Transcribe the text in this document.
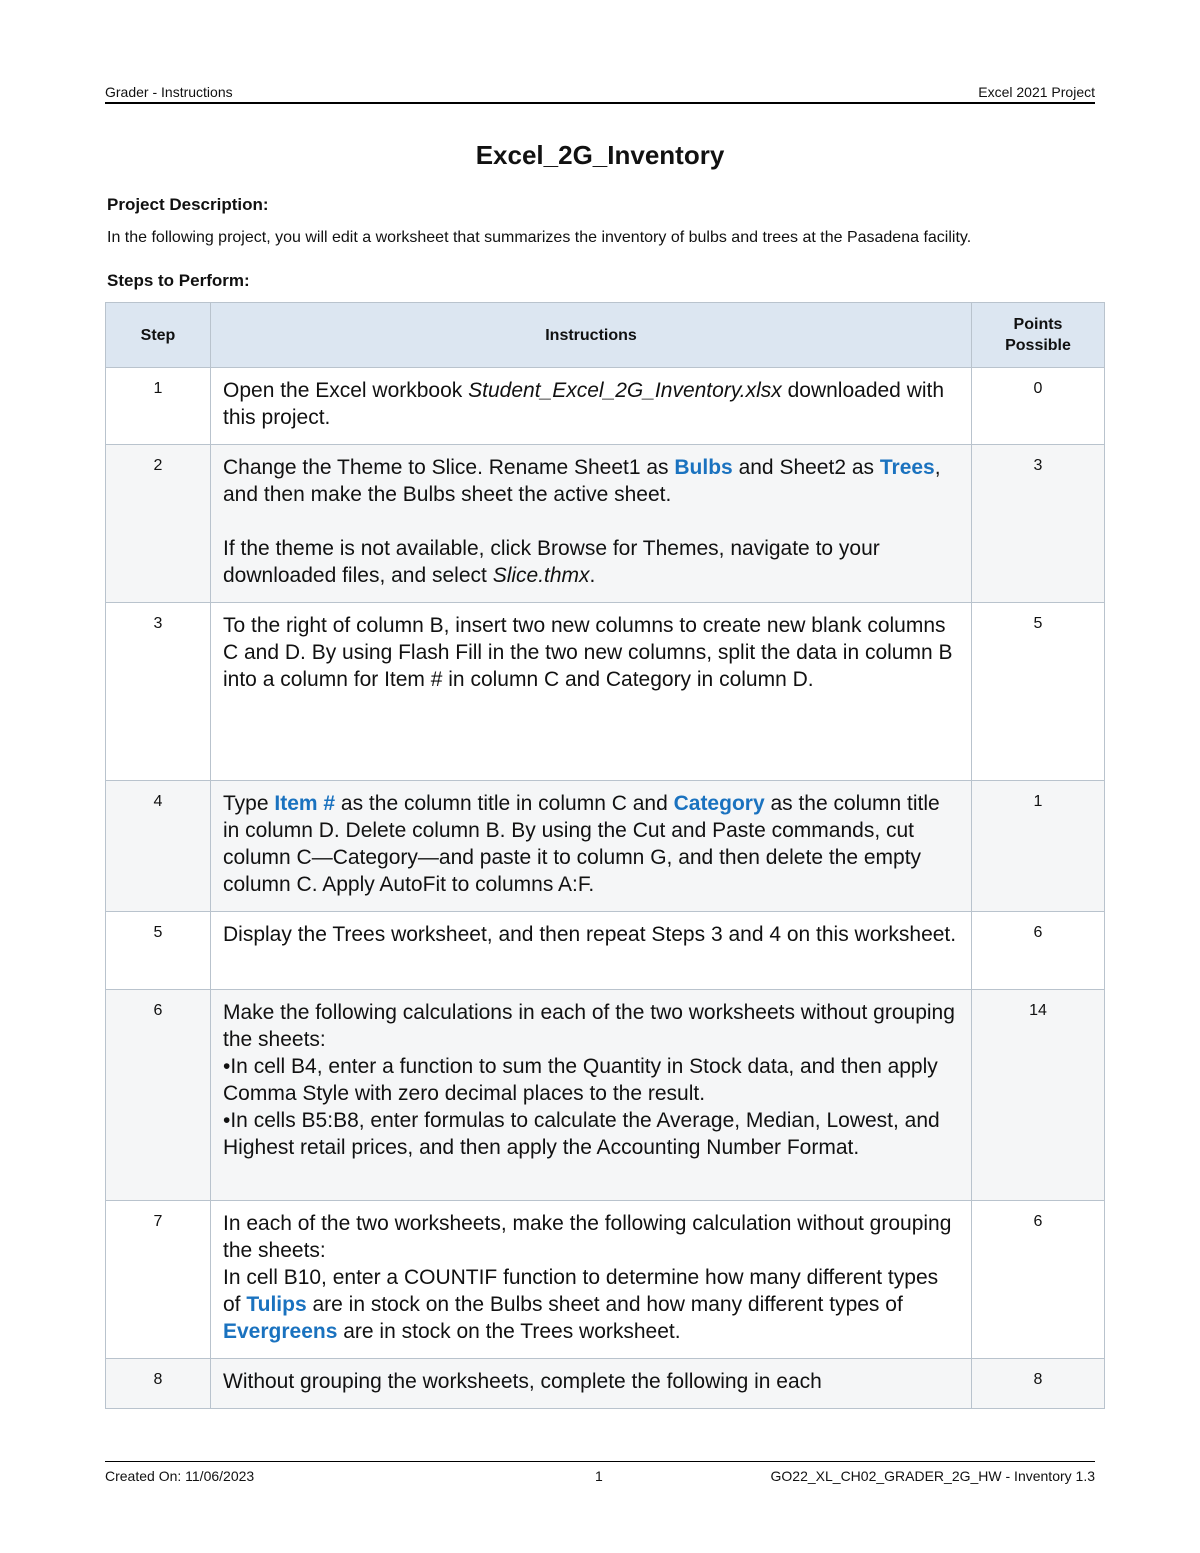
Grader - Instructions	Excel 2021 Project
Excel_2G_Inventory
Project Description:
In the following project, you will edit a worksheet that summarizes the inventory of bulbs and trees at the Pasadena facility.
Steps to Perform:
Step	Instructions	Points
Possible
1	Open the Excel workbook Student_Excel_2G_Inventory.xlsx downloaded with this project.	0
2	Change the Theme to Slice. Rename Sheet1 as Bulbs and Sheet2 as Trees, and then make the Bulbs sheet the active sheet.

If the theme is not available, click Browse for Themes, navigate to your downloaded files, and select Slice.thmx.	3
3	To the right of column B, insert two new columns to create new blank columns C and D. By using Flash Fill in the two new columns, split the data in column B into a column for Item # in column C and Category in column D.	5
4	Type Item # as the column title in column C and Category as the column title in column D. Delete column B. By using the Cut and Paste commands, cut column C—Category—and paste it to column G, and then delete the empty column C. Apply AutoFit to columns A:F.	1
5	Display the Trees worksheet, and then repeat Steps 3 and 4 on this worksheet.	6
6	Make the following calculations in each of the two worksheets without grouping the sheets:
•In cell B4, enter a function to sum the Quantity in Stock data, and then apply Comma Style with zero decimal places to the result.
•In cells B5:B8, enter formulas to calculate the Average, Median, Lowest, and Highest retail prices, and then apply the Accounting Number Format.	14
7	In each of the two worksheets, make the following calculation without grouping the sheets:
In cell B10, enter a COUNTIF function to determine how many different types of Tulips are in stock on the Bulbs sheet and how many different types of Evergreens are in stock on the Trees worksheet.	6
8	Without grouping the worksheets, complete the following in each	8
Created On: 11/06/2023	1	GO22_XL_CH02_GRADER_2G_HW - Inventory 1.3
